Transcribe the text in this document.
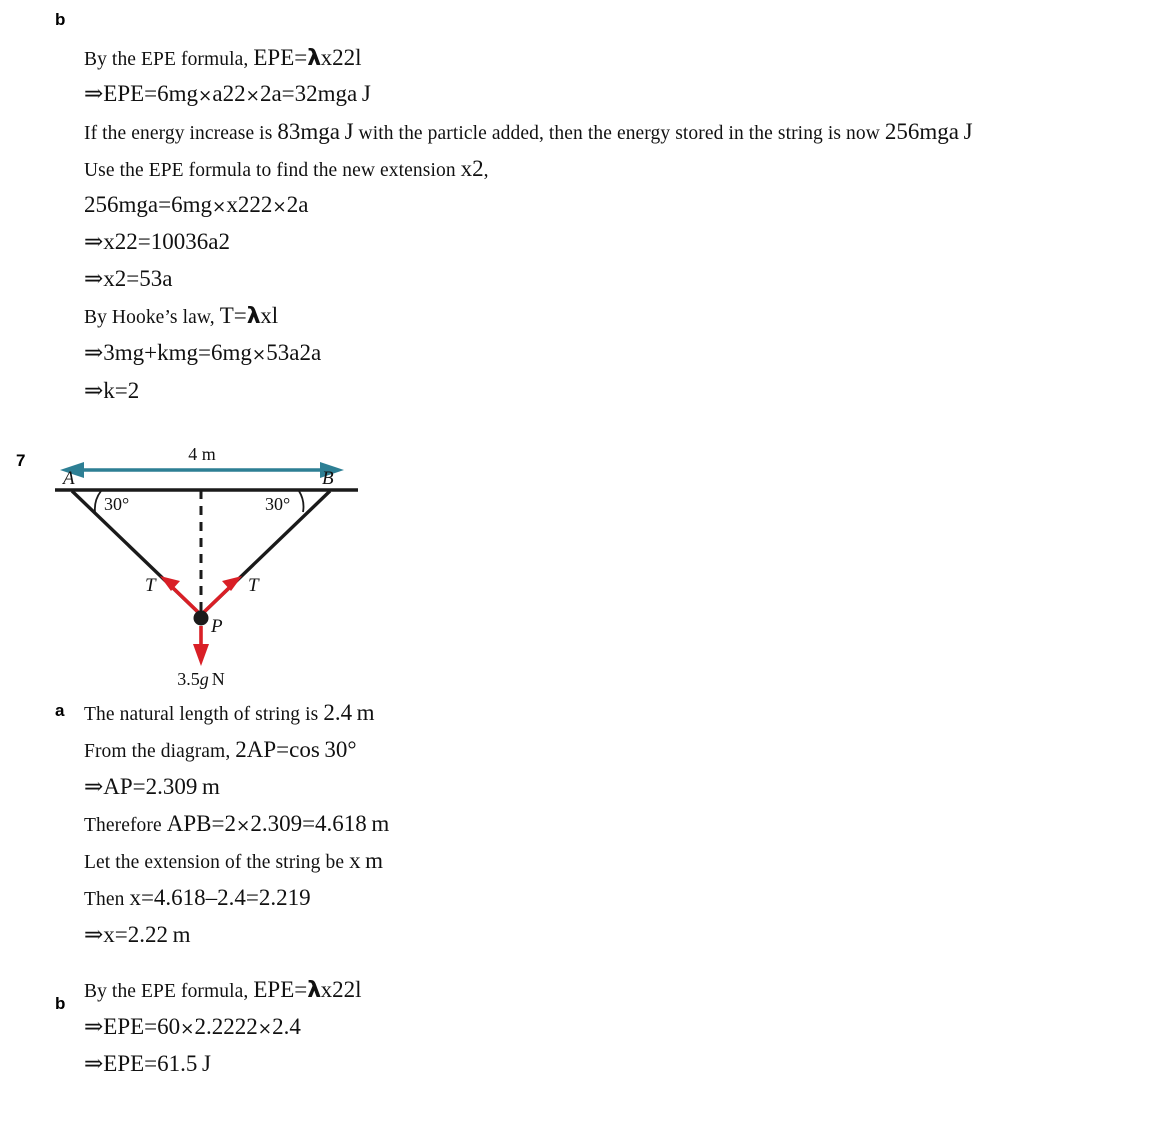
b
7
a
b
By the EPE formula, EPE=λx22l
⇒EPE=6mg×a22×2a=32mga J
If the energy increase is 83mga J with the particle added, then the energy stored in the string is now 256mga J
Use the EPE formula to find the new extension x2,
256mga=6mg×x222×2a
⇒x22=10036a2
⇒x2=53a
By Hooke’s law, T=λxl
⇒3mg+kmg=6mg×53a2a
⇒k=2
4 m
A	B
30°	30°
T	T
P
3.5g N
The natural length of string is 2.4 m
From the diagram, 2AP=cos 30°
⇒AP=2.309 m
Therefore APB=2×2.309=4.618 m
Let the extension of the string be x m
Then x=4.618–2.4=2.219
⇒x=2.22 m
By the EPE formula, EPE=λx22l
⇒EPE=60×2.2222×2.4
⇒EPE=61.5 J
